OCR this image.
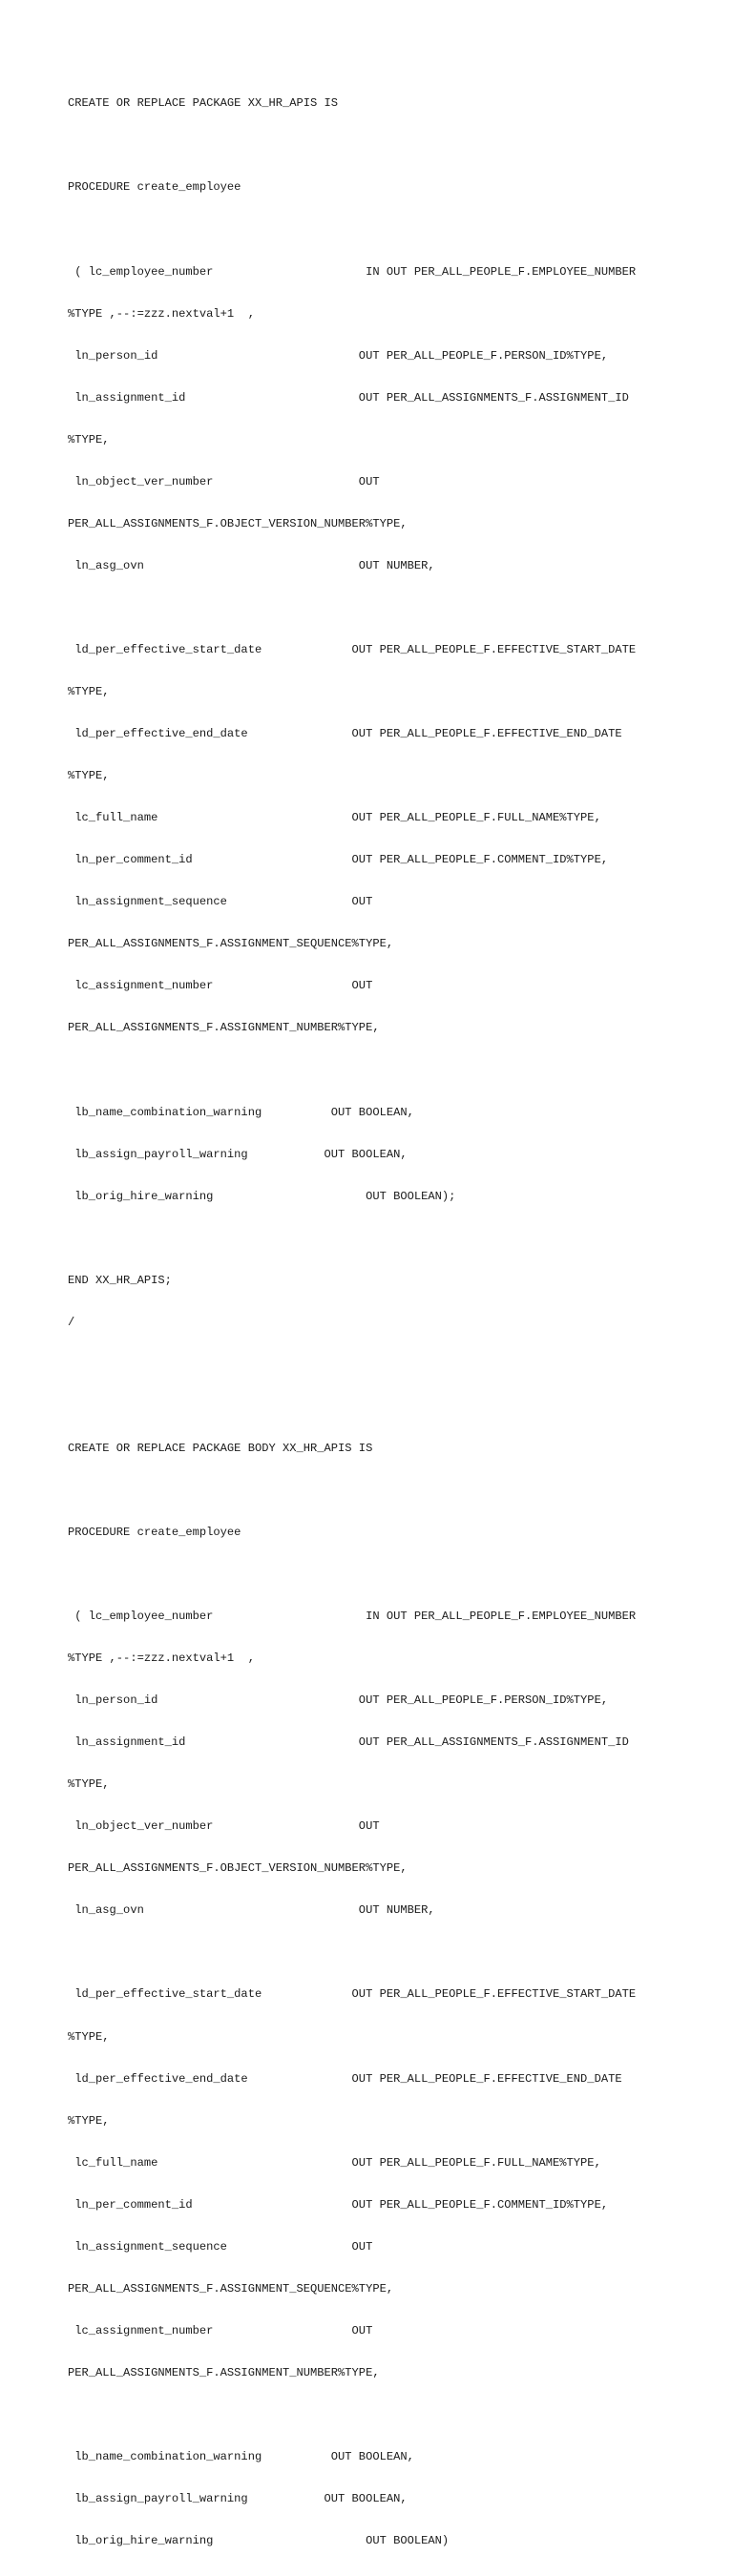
CREATE OR REPLACE PACKAGE XX_HR_APIS IS

PROCEDURE create_employee

( lc_employee_number                      IN OUT PER_ALL_PEOPLE_F.EMPLOYEE_NUMBER

%TYPE ,--:=zzz.nextval+1  ,

ln_person_id                             OUT PER_ALL_PEOPLE_F.PERSON_ID%TYPE,

ln_assignment_id                         OUT PER_ALL_ASSIGNMENTS_F.ASSIGNMENT_ID

%TYPE,

ln_object_ver_number                     OUT

PER_ALL_ASSIGNMENTS_F.OBJECT_VERSION_NUMBER%TYPE,

ln_asg_ovn                               OUT NUMBER,

ld_per_effective_start_date             OUT PER_ALL_PEOPLE_F.EFFECTIVE_START_DATE

%TYPE,

ld_per_effective_end_date               OUT PER_ALL_PEOPLE_F.EFFECTIVE_END_DATE

%TYPE,

lc_full_name                            OUT PER_ALL_PEOPLE_F.FULL_NAME%TYPE,

ln_per_comment_id                       OUT PER_ALL_PEOPLE_F.COMMENT_ID%TYPE,

ln_assignment_sequence                  OUT

PER_ALL_ASSIGNMENTS_F.ASSIGNMENT_SEQUENCE%TYPE,

lc_assignment_number                    OUT

PER_ALL_ASSIGNMENTS_F.ASSIGNMENT_NUMBER%TYPE,

lb_name_combination_warning          OUT BOOLEAN,

lb_assign_payroll_warning           OUT BOOLEAN,

lb_orig_hire_warning                      OUT BOOLEAN);

END XX_HR_APIS;

/

CREATE OR REPLACE PACKAGE BODY XX_HR_APIS IS

PROCEDURE create_employee

( lc_employee_number                      IN OUT PER_ALL_PEOPLE_F.EMPLOYEE_NUMBER

%TYPE ,--:=zzz.nextval+1  ,

ln_person_id                             OUT PER_ALL_PEOPLE_F.PERSON_ID%TYPE,

ln_assignment_id                         OUT PER_ALL_ASSIGNMENTS_F.ASSIGNMENT_ID

%TYPE,

ln_object_ver_number                     OUT

PER_ALL_ASSIGNMENTS_F.OBJECT_VERSION_NUMBER%TYPE,

ln_asg_ovn                               OUT NUMBER,

ld_per_effective_start_date             OUT PER_ALL_PEOPLE_F.EFFECTIVE_START_DATE

%TYPE,

ld_per_effective_end_date               OUT PER_ALL_PEOPLE_F.EFFECTIVE_END_DATE

%TYPE,

lc_full_name                            OUT PER_ALL_PEOPLE_F.FULL_NAME%TYPE,

ln_per_comment_id                       OUT PER_ALL_PEOPLE_F.COMMENT_ID%TYPE,

ln_assignment_sequence                  OUT

PER_ALL_ASSIGNMENTS_F.ASSIGNMENT_SEQUENCE%TYPE,

lc_assignment_number                    OUT

PER_ALL_ASSIGNMENTS_F.ASSIGNMENT_NUMBER%TYPE,

lb_name_combination_warning          OUT BOOLEAN,

lb_assign_payroll_warning           OUT BOOLEAN,

lb_orig_hire_warning                      OUT BOOLEAN)
